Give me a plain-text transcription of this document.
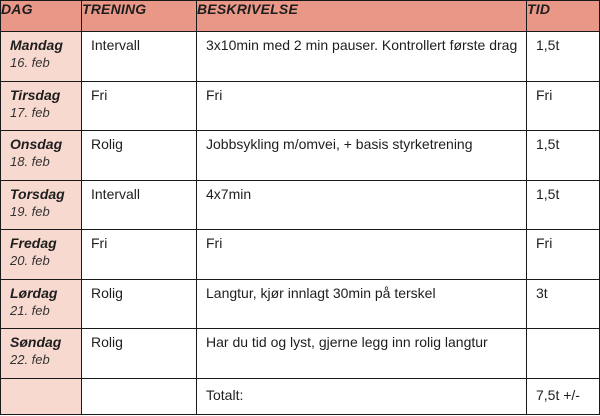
DAG	TRENING	BESKRIVELSE	TID

Mandag
16. feb	Intervall	3x10min med 2 min pauser. Kontrollert første drag	1,5t

Tirsdag
17. feb	Fri	Fri	Fri

Onsdag
18. feb	Rolig	Jobbsykling m/omvei, + basis styrketrening	1,5t

Torsdag
19. feb	Intervall	4x7min	1,5t

Fredag
20. feb	Fri	Fri	Fri

Lørdag
21. feb	Rolig	Langtur, kjør innlagt 30min på terskel	3t

Søndag
22. feb	Rolig	Har du tid og lyst, gjerne legg inn rolig langtur	
		Totalt:	7,5t +/-
